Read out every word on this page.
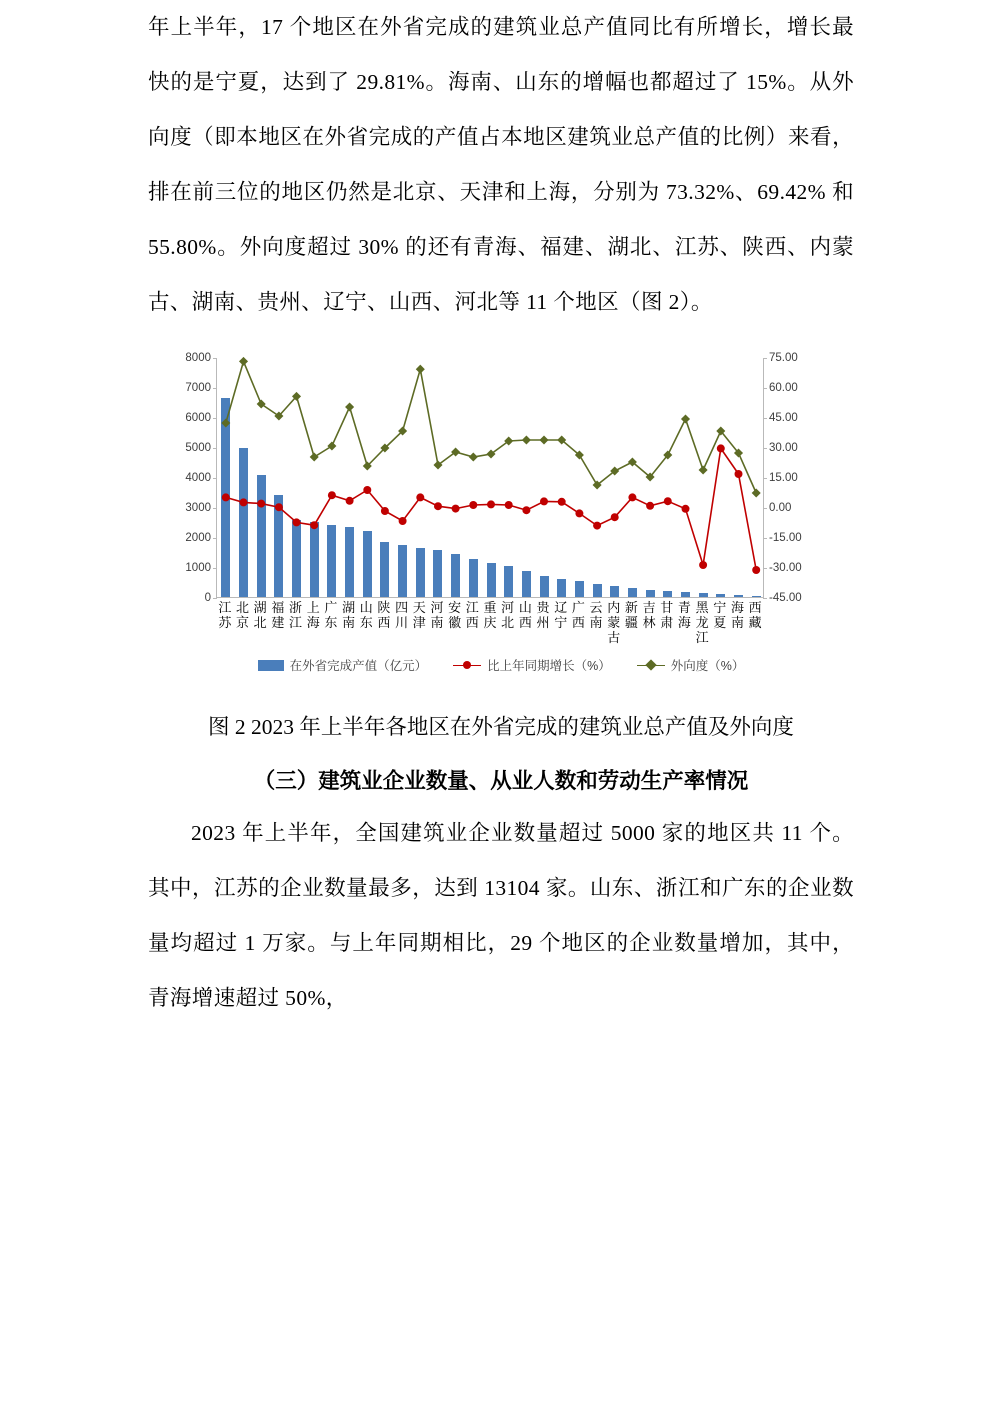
年上半年，17 个地区在外省完成的建筑业总产值同比有所增长，增长最快的是宁夏，达到了 29.81%。海南、山东的增幅也都超过了 15%。从外向度（即本地区在外省完成的产值占本地区建筑业总产值的比例）来看，排在前三位的地区仍然是北京、天津和上海，分别为 73.32%、69.42% 和 55.80%。外向度超过 30% 的还有青海、福建、湖北、江苏、陕西、内蒙古、湖南、贵州、辽宁、山西、河北等 11 个地区（图 2）。

0
1000
2000
3000
4000
5000
6000
7000
8000
-45.00
-30.00
-15.00
0.00
15.00
30.00
45.00
60.00
75.00
江
苏
北
京
湖
北
福
建
浙
江
上
海
广
东
湖
南
山
东
陕
西
四
川
天
津
河
南
安
徽
江
西
重
庆
河
北
山
西
贵
州
辽
宁
广
西
云
南
内
蒙
古
新
疆
吉
林
甘
肃
青
海
黑
龙
江
宁
夏
海
南
西
藏
在外省完成产值（亿元）	比上年同期增长（%）	外向度（%）

图 2 2023 年上半年各地区在外省完成的建筑业总产值及外向度

（三）建筑业企业数量、从业人数和劳动生产率情况

2023 年上半年，全国建筑业企业数量超过 5000 家的地区共 11 个。其中，江苏的企业数量最多，达到 13104 家。山东、浙江和广东的企业数量均超过 1 万家。与上年同期相比，29 个地区的企业数量增加，其中，青海增速超过 50%，
